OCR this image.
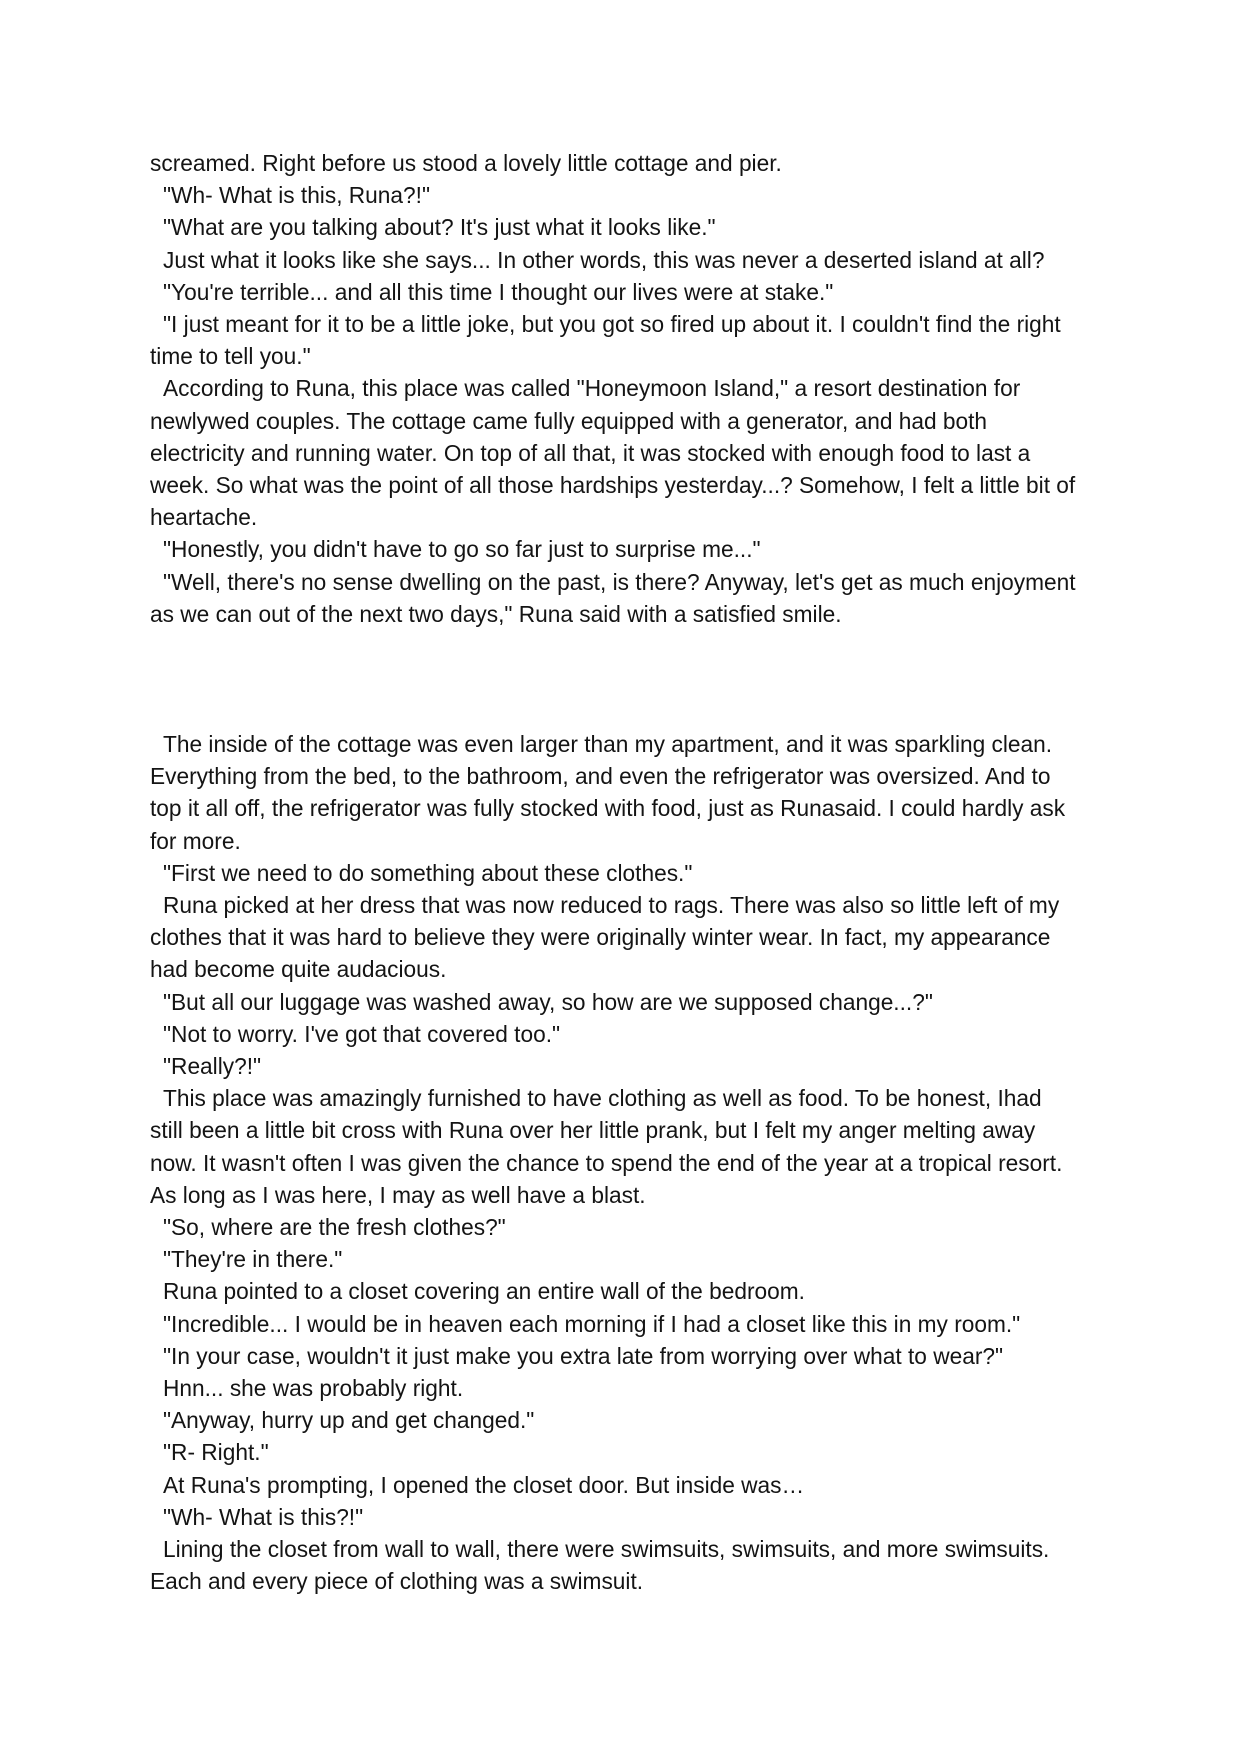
screamed. Right before us stood a lovely little cottage and pier.

"Wh- What is this, Runa?!"

"What are you talking about? It's just what it looks like."

Just what it looks like she says... In other words, this was never a deserted island at all?

"You're terrible... and all this time I thought our lives were at stake."

"I just meant for it to be a little joke, but you got so fired up about it. I couldn't find the right
time to tell you."

According to Runa, this place was called "Honeymoon Island," a resort destination for
newlywed couples. The cottage came fully equipped with a generator, and had both
electricity and running water. On top of all that, it was stocked with enough food to last a
week. So what was the point of all those hardships yesterday...? Somehow, I felt a little bit of
heartache.

"Honestly, you didn't have to go so far just to surprise me..."

"Well, there's no sense dwelling on the past, is there? Anyway, let's get as much enjoyment
as we can out of the next two days," Runa said with a satisfied smile.

The inside of the cottage was even larger than my apartment, and it was sparkling clean.
Everything from the bed, to the bathroom, and even the refrigerator was oversized. And to
top it all off, the refrigerator was fully stocked with food, just as Runasaid. I could hardly ask
for more.

"First we need to do something about these clothes."

Runa picked at her dress that was now reduced to rags. There was also so little left of my
clothes that it was hard to believe they were originally winter wear. In fact, my appearance
had become quite audacious.

"But all our luggage was washed away, so how are we supposed change...?"

"Not to worry. I've got that covered too."

"Really?!"

This place was amazingly furnished to have clothing as well as food. To be honest, Ihad
still been a little bit cross with Runa over her little prank, but I felt my anger melting away
now. It wasn't often I was given the chance to spend the end of the year at a tropical resort.
As long as I was here, I may as well have a blast.

"So, where are the fresh clothes?"

"They're in there."

Runa pointed to a closet covering an entire wall of the bedroom.

"Incredible... I would be in heaven each morning if I had a closet like this in my room."

"In your case, wouldn't it just make you extra late from worrying over what to wear?"

Hnn... she was probably right.

"Anyway, hurry up and get changed."

"R- Right."

At Runa's prompting, I opened the closet door. But inside was…

"Wh- What is this?!"

Lining the closet from wall to wall, there were swimsuits, swimsuits, and more swimsuits.
Each and every piece of clothing was a swimsuit.
